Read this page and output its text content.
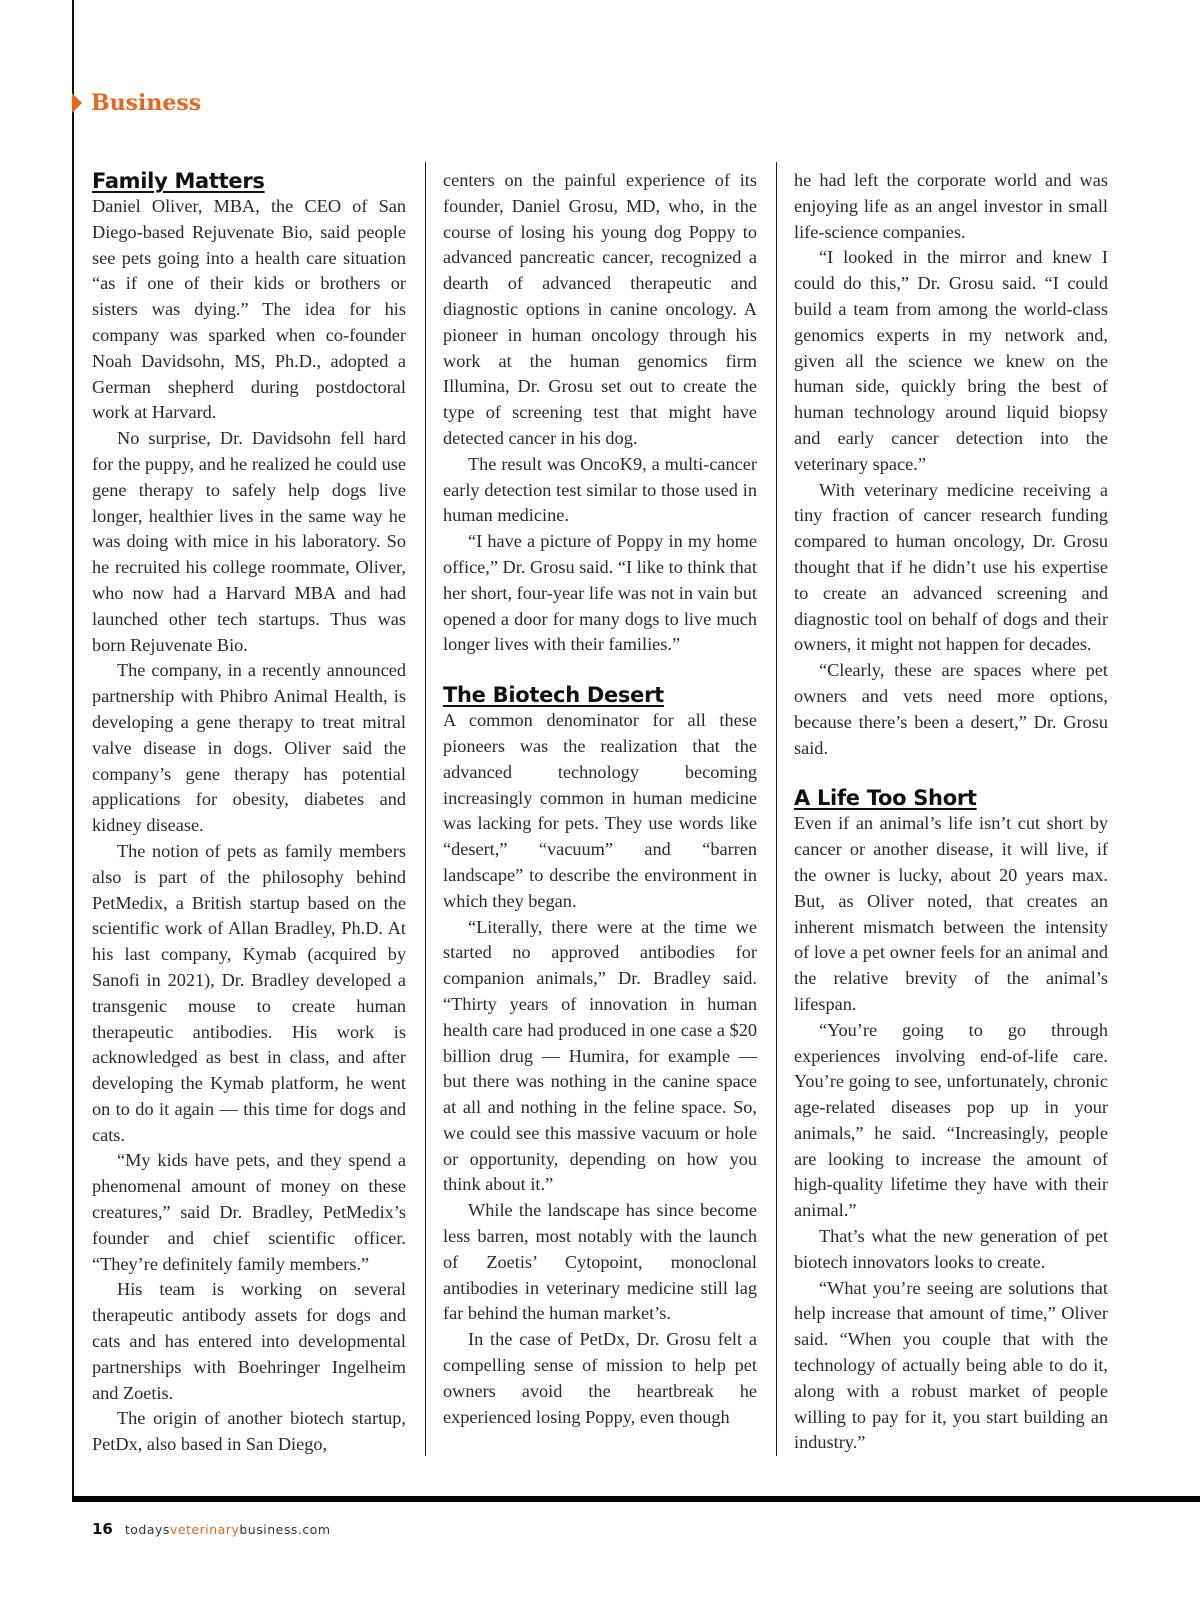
Business
Family Matters

Daniel Oliver, MBA, the CEO of San Diego-based Rejuvenate Bio, said people see pets going into a health care situation “as if one of their kids or brothers or sisters was dying.” The idea for his company was sparked when co-founder Noah Davidsohn, MS, Ph.D., adopted a German shepherd during postdoctoral work at Harvard.

No surprise, Dr. Davidsohn fell hard for the puppy, and he realized he could use gene therapy to safely help dogs live longer, healthier lives in the same way he was doing with mice in his laboratory. So he recruited his college roommate, Oliver, who now had a Harvard MBA and had launched other tech startups. Thus was born Rejuvenate Bio.

The company, in a recently announced partnership with Phibro Animal Health, is developing a gene therapy to treat mitral valve disease in dogs. Oliver said the company’s gene therapy has potential applications for obesity, diabetes and kidney disease.

The notion of pets as family members also is part of the philosophy behind PetMedix, a British startup based on the scientific work of Allan Bradley, Ph.D. At his last company, Kymab (acquired by Sanofi in 2021), Dr. Bradley developed a transgenic mouse to create human therapeutic antibodies. His work is acknowledged as best in class, and after developing the Kymab platform, he went on to do it again — this time for dogs and cats.

“My kids have pets, and they spend a phenomenal amount of money on these creatures,” said Dr. Bradley, PetMedix’s founder and chief scientific officer. “They’re definitely family members.”

His team is working on several therapeutic antibody assets for dogs and cats and has entered into developmental partnerships with Boehringer Ingelheim and Zoetis.

The origin of another biotech startup, PetDx, also based in San Diego,

centers on the painful experience of its founder, Daniel Grosu, MD, who, in the course of losing his young dog Poppy to advanced pancreatic cancer, recognized a dearth of advanced therapeutic and diagnostic options in canine oncology. A pioneer in human oncology through his work at the human genomics firm Illumina, Dr. Grosu set out to create the type of screening test that might have detected cancer in his dog.

The result was OncoK9, a multi-cancer early detection test similar to those used in human medicine.

“I have a picture of Poppy in my home office,” Dr. Grosu said. “I like to think that her short, four-year life was not in vain but opened a door for many dogs to live much longer lives with their families.”

The Biotech Desert

A common denominator for all these pioneers was the realization that the advanced technology becoming increasingly common in human medicine was lacking for pets. They use words like “desert,” “vacuum” and “barren landscape” to describe the environment in which they began.

“Literally, there were at the time we started no approved antibodies for companion animals,” Dr. Bradley said. “Thirty years of innovation in human health care had produced in one case a $20 billion drug — Humira, for example — but there was nothing in the canine space at all and nothing in the feline space. So, we could see this massive vacuum or hole or opportunity, depending on how you think about it.”

While the landscape has since become less barren, most notably with the launch of Zoetis’ Cytopoint, monoclonal antibodies in veterinary medicine still lag far behind the human market’s.

In the case of PetDx, Dr. Grosu felt a compelling sense of mission to help pet owners avoid the heartbreak he experienced losing Poppy, even though

he had left the corporate world and was enjoying life as an angel investor in small life-science companies.

“I looked in the mirror and knew I could do this,” Dr. Grosu said. “I could build a team from among the world-class genomics experts in my network and, given all the science we knew on the human side, quickly bring the best of human technology around liquid biopsy and early cancer detection into the veterinary space.”

With veterinary medicine receiving a tiny fraction of cancer research funding compared to human oncology, Dr. Grosu thought that if he didn’t use his expertise to create an advanced screening and diagnostic tool on behalf of dogs and their owners, it might not happen for decades.

“Clearly, these are spaces where pet owners and vets need more options, because there’s been a desert,” Dr. Grosu said.

A Life Too Short

Even if an animal’s life isn’t cut short by cancer or another disease, it will live, if the owner is lucky, about 20 years max. But, as Oliver noted, that creates an inherent mismatch between the intensity of love a pet owner feels for an animal and the relative brevity of the animal’s lifespan.

“You’re going to go through experiences involving end-of-life care. You’re going to see, unfortunately, chronic age-related diseases pop up in your animals,” he said. “Increasingly, people are looking to increase the amount of high-quality lifetime they have with their animal.”

That’s what the new generation of pet biotech innovators looks to create.

“What you’re seeing are solutions that help increase that amount of time,” Oliver said. “When you couple that with the technology of actually being able to do it, along with a robust market of people willing to pay for it, you start building an industry.”

16 todaysveterinarybusiness.com
